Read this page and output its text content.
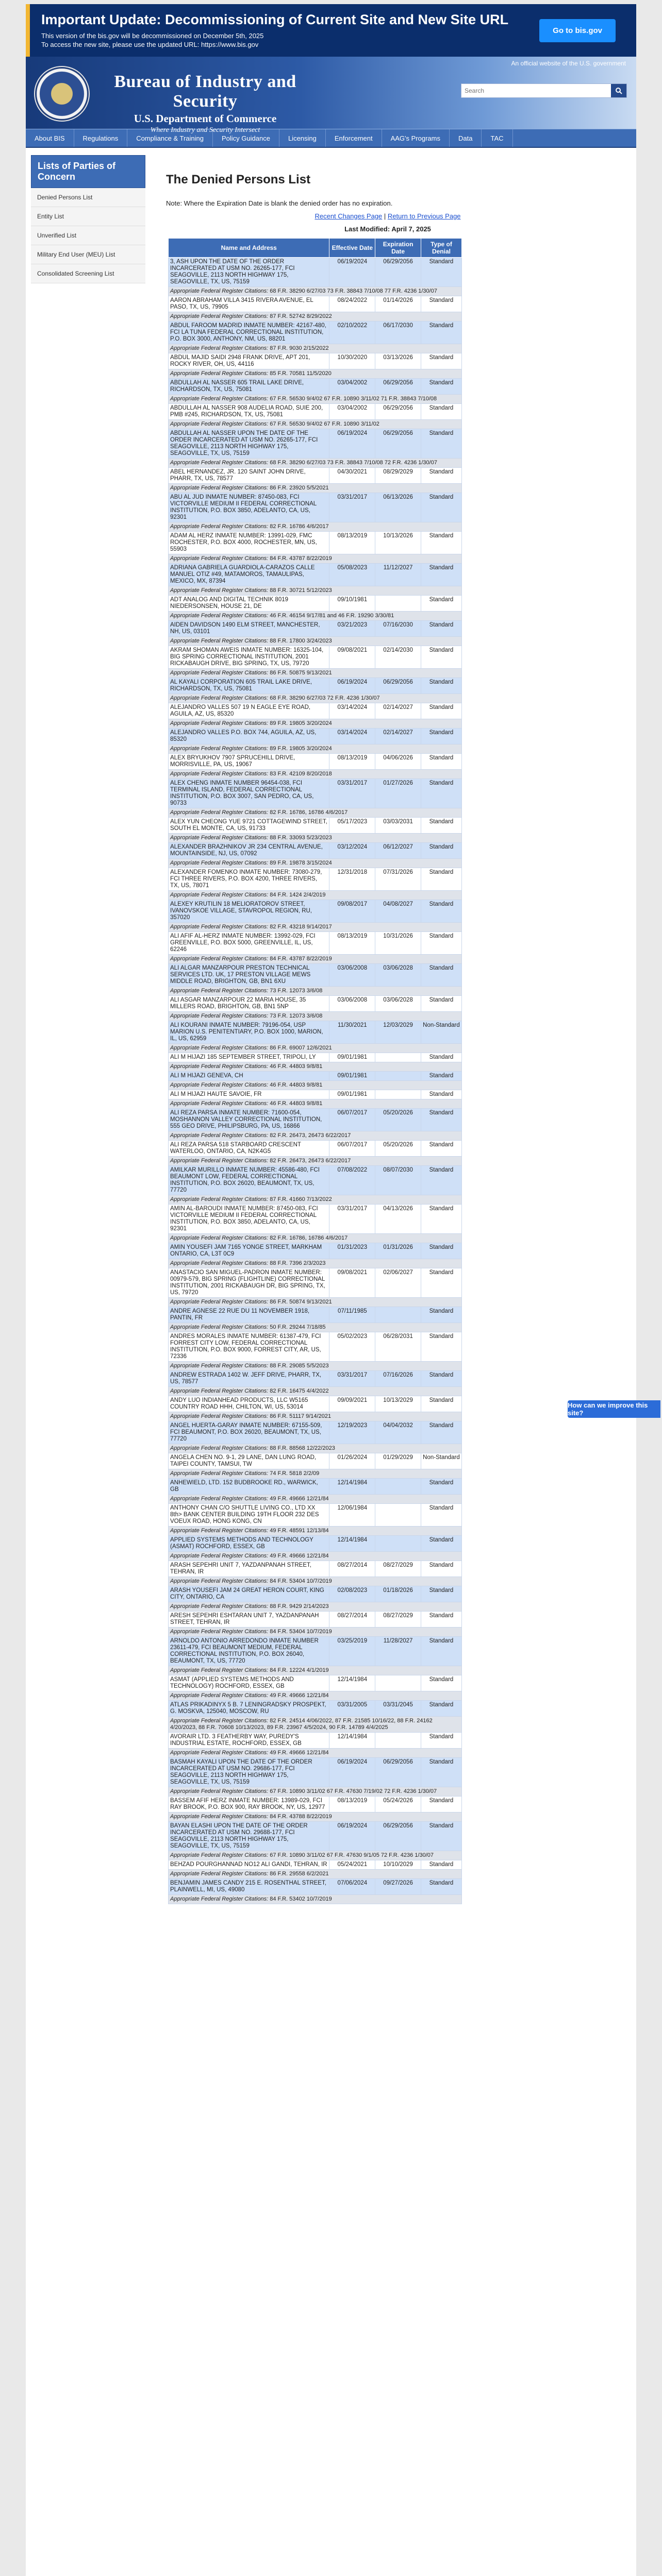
Important Update: Decommissioning of Current Site and New Site URL

This version of the bis.gov will be decommissioned on December 5th, 2025

To access the new site, please use the updated URL: https://www.bis.gov

Go to bis.gov
An official website of the U.S. government
Bureau of Industry and Security
U.S. Department of Commerce
Where Industry and Security Intersect
Search
About BIS	Regulations	Compliance & Training	Policy Guidance	Licensing	Enforcement	AAG's Programs	Data	TAC
Lists of Parties of Concern
Denied Persons List
Entity List
Unverified List
Military End User (MEU) List
Consolidated Screening List
The Denied Persons List
Note: Where the Expiration Date is blank the denied order has no expiration.
Recent Changes Page | Return to Previous Page
Last Modified: April 7, 2025
Name and Address	Effective Date	Expiration Date	Type of Denial
3, ASH UPON THE DATE OF THE ORDER INCARCERATED AT USM NO. 26265-177, FCI SEAGOVILLE, 2113 NORTH HIGHWAY 175, SEAGOVILLE, TX, US, 75159	06/19/2024	06/29/2056	Standard
Appropriate Federal Register Citations: 68 F.R. 38290 6/27/03 73 F.R. 38843 7/10/08 77 F.R. 4236 1/30/07			
AARON ABRAHAM VILLA 3415 RIVERA AVENUE, EL PASO, TX, US, 79905	08/24/2022	01/14/2026	Standard
Appropriate Federal Register Citations: 87 F.R. 52742 8/29/2022			
ABDUL FAROOM MADRID INMATE NUMBER: 42167-480, FCI LA TUNA FEDERAL CORRECTIONAL INSTITUTION, P.O. BOX 3000, ANTHONY, NM, US, 88201	02/10/2022	06/17/2030	Standard
Appropriate Federal Register Citations: 87 F.R. 9030 2/15/2022			
ABDUL MAJID SAIDI 2948 FRANK DRIVE, APT 201, ROCKY RIVER, OH, US, 44116	10/30/2020	03/13/2026	Standard
Appropriate Federal Register Citations: 85 F.R. 70581 11/5/2020			
ABDULLAH AL NASSER 605 TRAIL LAKE DRIVE, RICHARDSON, TX, US, 75081	03/04/2002	06/29/2056	Standard
Appropriate Federal Register Citations: 67 F.R. 56530 9/4/02 67 F.R. 10890 3/11/02 71 F.R. 38843 7/10/08			
ABDULLAH AL NASSER 908 AUDELIA ROAD, SUIE 200, PMB #245, RICHARDSON, TX, US, 75081	03/04/2002	06/29/2056	Standard
Appropriate Federal Register Citations: 67 F.R. 56530 9/4/02 67 F.R. 10890 3/11/02			
ABDULLAH AL NASSER UPON THE DATE OF THE ORDER INCARCERATED AT USM NO. 26265-177, FCI SEAGOVILLE, 2113 NORTH HIGHWAY 175, SEAGOVILLE, TX, US, 75159	06/19/2024	06/29/2056	Standard
Appropriate Federal Register Citations: 68 F.R. 38290 6/27/03 73 F.R. 38843 7/10/08 72 F.R. 4236 1/30/07			
ABEL HERNANDEZ, JR. 120 SAINT JOHN DRIVE, PHARR, TX, US, 78577	04/30/2021	08/29/2029	Standard
Appropriate Federal Register Citations: 86 F.R. 23920 5/5/2021			
ABU AL JUD INMATE NUMBER: 87450-083, FCI VICTORVILLE MEDIUM II FEDERAL CORRECTIONAL INSTITUTION, P.O. BOX 3850, ADELANTO, CA, US, 92301	03/31/2017	06/13/2026	Standard
Appropriate Federal Register Citations: 82 F.R. 16786 4/6/2017			
ADAM AL HERZ INMATE NUMBER: 13991-029, FMC ROCHESTER, P.O. BOX 4000, ROCHESTER, MN, US, 55903	08/13/2019	10/13/2026	Standard
Appropriate Federal Register Citations: 84 F.R. 43787 8/22/2019			
ADRIANA GABRIELA GUARDIOLA-CARAZOS CALLE MANUEL OTIZ #49, MATAMOROS, TAMAULIPAS, MEXICO, MX, 87394	05/08/2023	11/12/2027	Standard
Appropriate Federal Register Citations: 88 F.R. 30721 5/12/2023			
ADT ANALOG AND DIGITAL TECHNIK 8019 NIEDERSONSEN, HOUSE 21, DE	09/10/1981		Standard
Appropriate Federal Register Citations: 46 F.R. 46154 9/17/81 and 46 F.R. 19290 3/30/81			
AIDEN DAVIDSON 1490 ELM STREET, MANCHESTER, NH, US, 03101	03/21/2023	07/16/2030	Standard
Appropriate Federal Register Citations: 88 F.R. 17800 3/24/2023			
AKRAM SHOMAN AWEIS INMATE NUMBER: 16325-104, BIG SPRING CORRECTIONAL INSTITUTION, 2001 RICKABAUGH DRIVE, BIG SPRING, TX, US, 79720	09/08/2021	02/14/2030	Standard
Appropriate Federal Register Citations: 86 F.R. 50875 9/13/2021			
AL KAYALI CORPORATION 605 TRAIL LAKE DRIVE, RICHARDSON, TX, US, 75081	06/19/2024	06/29/2056	Standard
Appropriate Federal Register Citations: 68 F.R. 38290 6/27/03 72 F.R. 4236 1/30/07			
ALEJANDRO VALLES 507 19 N EAGLE EYE ROAD, AGUILA, AZ, US, 85320	03/14/2024	02/14/2027	Standard
Appropriate Federal Register Citations: 89 F.R. 19805 3/20/2024			
ALEJANDRO VALLES P.O. BOX 744, AGUILA, AZ, US, 85320	03/14/2024	02/14/2027	Standard
Appropriate Federal Register Citations: 89 F.R. 19805 3/20/2024			
ALEX BRYUKHOV 7907 SPRUCEHILL DRIVE, MORRISVILLE, PA, US, 19067	08/13/2019	04/06/2026	Standard
Appropriate Federal Register Citations: 83 F.R. 42109 8/20/2018			
ALEX CHENG INMATE NUMBER 96454-038, FCI TERMINAL ISLAND, FEDERAL CORRECTIONAL INSTITUTION, P.O. BOX 3007, SAN PEDRO, CA, US, 90733	03/31/2017	01/27/2026	Standard
Appropriate Federal Register Citations: 82 F.R. 16786, 16786 4/6/2017			
ALEX YUN CHEONG YUE 9721 COTTAGEWIND STREET, SOUTH EL MONTE, CA, US, 91733	05/17/2023	03/03/2031	Standard
Appropriate Federal Register Citations: 88 F.R. 33093 5/23/2023			
ALEXANDER BRAZHNIKOV JR 234 CENTRAL AVENUE, MOUNTAINSIDE, NJ, US, 07092	03/12/2024	06/12/2027	Standard
Appropriate Federal Register Citations: 89 F.R. 19878 3/15/2024			
ALEXANDER FOMENKO INMATE NUMBER: 73080-279, FCI THREE RIVERS, P.O. BOX 4200, THREE RIVERS, TX, US, 78071	12/31/2018	07/31/2026	Standard
Appropriate Federal Register Citations: 84 F.R. 1424 2/4/2019			
ALEXEY KRUTILIN 18 MELIORATOROV STREET, IVANOVSKOE VILLAGE, STAVROPOL REGION, RU, 357020	09/08/2017	04/08/2027	Standard
Appropriate Federal Register Citations: 82 F.R. 43218 9/14/2017			
ALI AFIF AL-HERZ INMATE NUMBER: 13992-029, FCI GREENVILLE, P.O. BOX 5000, GREENVILLE, IL, US, 62246	08/13/2019	10/31/2026	Standard
Appropriate Federal Register Citations: 84 F.R. 43787 8/22/2019			
ALI ALGAR MANZARPOUR PRESTON TECHNICAL SERVICES LTD. UK, 17 PRESTON VILLAGE MEWS MIDDLE ROAD, BRIGHTON, GB, BN1 6XU	03/06/2008	03/06/2028	Standard
Appropriate Federal Register Citations: 73 F.R. 12073 3/6/08			
ALI ASGAR MANZARPOUR 22 MARIA HOUSE, 35 MILLERS ROAD, BRIGHTON, GB, BN1 5NP	03/06/2008	03/06/2028	Standard
Appropriate Federal Register Citations: 73 F.R. 12073 3/6/08			
ALI KOURANI INMATE NUMBER: 79196-054, USP MARION U.S. PENITENTIARY, P.O. BOX 1000, MARION, IL, US, 62959	11/30/2021	12/03/2029	Non-Standard
Appropriate Federal Register Citations: 86 F.R. 69007 12/6/2021			
ALI M HIJAZI 185 SEPTEMBER STREET, TRIPOLI, LY	09/01/1981		Standard
Appropriate Federal Register Citations: 46 F.R. 44803 9/8/81			
ALI M HIJAZI GENEVA, CH	09/01/1981		Standard
Appropriate Federal Register Citations: 46 F.R. 44803 9/8/81			
ALI M HIJAZI HAUTE SAVOIE, FR	09/01/1981		Standard
Appropriate Federal Register Citations: 46 F.R. 44803 9/8/81			
ALI REZA PARSA INMATE NUMBER: 71600-054, MOSHANNON VALLEY CORRECTIONAL INSTITUTION, 555 GEO DRIVE, PHILIPSBURG, PA, US, 16866	06/07/2017	05/20/2026	Standard
Appropriate Federal Register Citations: 82 F.R. 26473, 26473 6/22/2017			
ALI REZA PARSA 518 STARBOARD CRESCENT WATERLOO, ONTARIO, CA, N2K4G5	06/07/2017	05/20/2026	Standard
Appropriate Federal Register Citations: 82 F.R. 26473, 26473 6/22/2017			
AMILKAR MURILLO INMATE NUMBER: 45586-480, FCI BEAUMONT LOW, FEDERAL CORRECTIONAL INSTITUTION, P.O. BOX 26020, BEAUMONT, TX, US, 77720	07/08/2022	08/07/2030	Standard
Appropriate Federal Register Citations: 87 F.R. 41660 7/13/2022			
AMIN AL-BAROUDI INMATE NUMBER: 87450-083, FCI VICTORVILLE MEDIUM II FEDERAL CORRECTIONAL INSTITUTION, P.O. BOX 3850, ADELANTO, CA, US, 92301	03/31/2017	04/13/2026	Standard
Appropriate Federal Register Citations: 82 F.R. 16786, 16786 4/6/2017			
AMIN YOUSEFI JAM 7165 YONGE STREET, MARKHAM ONTARIO, CA, L3T 0C9	01/31/2023	01/31/2026	Standard
Appropriate Federal Register Citations: 88 F.R. 7396 2/3/2023			
ANASTACIO SAN MIGUEL-PADRON INMATE NUMBER: 00979-579, BIG SPRING (FLIGHTLINE) CORRECTIONAL INSTITUTION, 2001 RICKABAUGH DR, BIG SPRING, TX, US, 79720	09/08/2021	02/06/2027	Standard
Appropriate Federal Register Citations: 86 F.R. 50874 9/13/2021			
ANDRE AGNESE 22 RUE DU 11 NOVEMBER 1918, PANTIN, FR	07/11/1985		Standard
Appropriate Federal Register Citations: 50 F.R. 29244 7/18/85			
ANDRES MORALES INMATE NUMBER: 61387-479, FCI FORREST CITY LOW, FEDERAL CORRECTIONAL INSTITUTION, P.O. BOX 9000, FORREST CITY, AR, US, 72336	05/02/2023	06/28/2031	Standard
Appropriate Federal Register Citations: 88 F.R. 29085 5/5/2023			
ANDREW ESTRADA 1402 W. JEFF DRIVE, PHARR, TX, US, 78577	03/31/2017	07/16/2026	Standard
Appropriate Federal Register Citations: 82 F.R. 16475 4/4/2022			
ANDY LUO INDIANHEAD PRODUCTS, LLC W5165 COUNTRY ROAD HHH, CHILTON, WI, US, 53014	09/09/2021	10/13/2029	Standard
Appropriate Federal Register Citations: 86 F.R. 51117 9/14/2021			
ANGEL HUERTA-GARAY INMATE NUMBER: 67155-509, FCI BEAUMONT, P.O. BOX 26020, BEAUMONT, TX, US, 77720	12/19/2023	04/04/2032	Standard
Appropriate Federal Register Citations: 88 F.R. 88568 12/22/2023			
ANGELA CHEN NO. 9-1, 29 LANE, DAN LUNG ROAD, TAIPEI COUNTY, TAMSUI, TW	01/26/2024	01/29/2029	Non-Standard
Appropriate Federal Register Citations: 74 F.R. 5818 2/2/09			
ANHEWIELD, LTD. 152 BUDBROOKE RD., WARWICK, GB	12/14/1984		Standard
Appropriate Federal Register Citations: 49 F.R. 49666 12/21/84			
ANTHONY CHAN C/O SHUTTLE LIVING CO., LTD XX 8th> BANK CENTER BUILDING 19TH FLOOR 232 DES VOEUX ROAD, HONG KONG, CN	12/06/1984		Standard
Appropriate Federal Register Citations: 49 F.R. 48591 12/13/84			
APPLIED SYSTEMS METHODS AND TECHNOLOGY (ASMAT) ROCHFORD, ESSEX, GB	12/14/1984		Standard
Appropriate Federal Register Citations: 49 F.R. 49666 12/21/84			
ARASH SEPEHRI UNIT 7, YAZDANPANAH STREET, TEHRAN, IR	08/27/2014	08/27/2029	Standard
Appropriate Federal Register Citations: 84 F.R. 53404 10/7/2019			
ARASH YOUSEFI JAM 24 GREAT HERON COURT, KING CITY, ONTARIO, CA	02/08/2023	01/18/2026	Standard
Appropriate Federal Register Citations: 88 F.R. 9429 2/14/2023			
ARESH SEPEHRI ESHTARAN UNIT 7, YAZDANPANAH STREET, TEHRAN, IR	08/27/2014	08/27/2029	Standard
Appropriate Federal Register Citations: 84 F.R. 53404 10/7/2019			
ARNOLDO ANTONIO ARREDONDO INMATE NUMBER 23611-479, FCI BEAUMONT MEDIUM, FEDERAL CORRECTIONAL INSTITUTION, P.O. BOX 26040, BEAUMONT, TX, US, 77720	03/25/2019	11/28/2027	Standard
Appropriate Federal Register Citations: 84 F.R. 12224 4/1/2019			
ASMAT (APPLIED SYSTEMS METHODS AND TECHNOLOGY) ROCHFORD, ESSEX, GB	12/14/1984		Standard
Appropriate Federal Register Citations: 49 F.R. 49666 12/21/84			
ATLAS PRIKADINYX 5 B. 7 LENINGRADSKY PROSPEKT, G. MOSKVA, 125040, MOSCOW, RU	03/31/2005	03/31/2045	Standard
Appropriate Federal Register Citations: 82 F.R. 24514 4/06/2022, 87 F.R. 21585 10/16/22, 88 F.R. 24162 4/20/2023, 88 F.R. 70608 10/13/2023, 89 F.R. 23967 4/5/2024, 90 F.R. 14789 4/4/2025			
AVORAIR LTD. 3 FEATHERBY WAY, PUREDY'S INDUSTRIAL ESTATE, ROCHFORD, ESSEX, GB	12/14/1984		Standard
Appropriate Federal Register Citations: 49 F.R. 49666 12/21/84			
BASMAH KAYALI UPON THE DATE OF THE ORDER INCARCERATED AT USM NO. 29686-177, FCI SEAGOVILLE, 2113 NORTH HIGHWAY 175, SEAGOVILLE, TX, US, 75159	06/19/2024	06/29/2056	Standard
Appropriate Federal Register Citations: 67 F.R. 10890 3/11/02 67 F.R. 47630 7/19/02 72 F.R. 4236 1/30/07			
BASSEM AFIF HERZ INMATE NUMBER: 13989-029, FCI RAY BROOK, P.O. BOX 900, RAY BROOK, NY, US, 12977	08/13/2019	05/24/2026	Standard
Appropriate Federal Register Citations: 84 F.R. 43788 8/22/2019			
BAYAN ELASHI UPON THE DATE OF THE ORDER INCARCERATED AT USM NO. 29688-177, FCI SEAGOVILLE, 2113 NORTH HIGHWAY 175, SEAGOVILLE, TX, US, 75159	06/19/2024	06/29/2056	Standard
Appropriate Federal Register Citations: 67 F.R. 10890 3/11/02 67 F.R. 47630 9/1/05 72 F.R. 4236 1/30/07			
BEHZAD POURGHANNAD NO12 ALI GANDI, TEHRAN, IR	05/24/2021	10/10/2029	Standard
Appropriate Federal Register Citations: 86 F.R. 29558 6/2/2021			
BENJAMIN JAMES CANDY 215 E. ROSENTHAL STREET, PLAINWELL, MI, US, 49080	07/06/2024	09/27/2026	Standard
Appropriate Federal Register Citations: 84 F.R. 53402 10/7/2019			
How can we improve this site?
